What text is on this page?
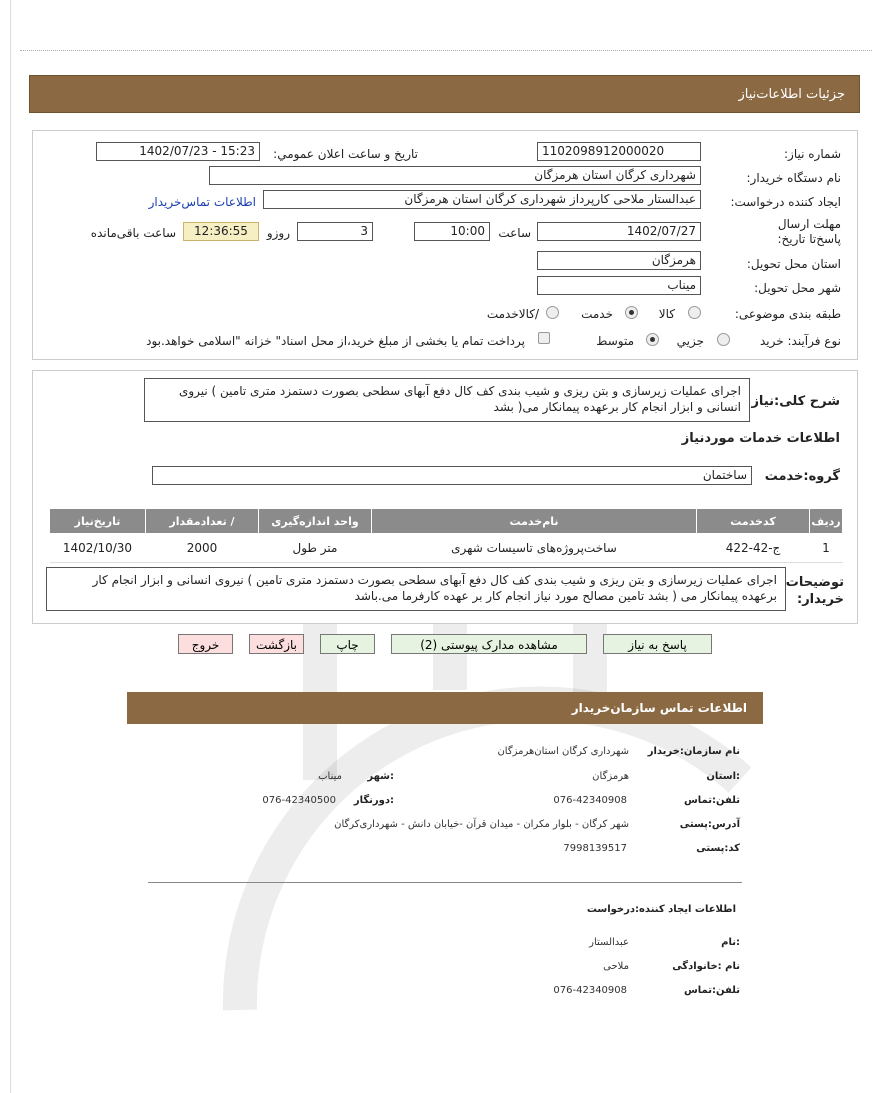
جزئیات اطلاعات‌نیاز
شماره نیاز:
1102098912000020
تاریخ و ساعت اعلان عمومي:
1402/07/23 - 15:23
نام دستگاه خريدار:
شهرداری کرگان استان هرمزگان
ايجاد كننده درخواست:
عبدالستار ملاحی کارپرداز شهرداری کرگان استان هرمزگان
اطلاعات تماس‌خريدار
مهلت ارسال پاسخ‌تا تاریخ:
1402/07/27
ساعت
10:00
3
روزو
12:36:55
ساعت باقی‌مانده
استان محل تحویل:
هرمزگان
شهر محل تحویل:
میناب
طبقه بندی موضوعی:
کالا
خدمت
/کالاخدمت
نوع فرآیند: خرید
جزیي
متوسط
پرداخت تمام يا بخشی از مبلغ خريد،از محل اسناد" خزانه "اسلامی خواهد.بود
شرح کلی:نیاز
اجرای عملیات زیرسازی و بتن ریزی و شیب بندی کف کال دفع آبهای سطحی بصورت دستمزد متری تامین ) نیروی انسانی و ابزار انجام کار برعهده پیمانکار می( بشد
اطلاعات خدمات موردنیاز
گروه:خدمت
ساختمان
ردیف	کدخدمت	نام‌خدمت	واحد اندازه‌گیری	/ تعدادمقدار	تاریخ‌نیاز
1	ج-42-422	ساخت‌پروژه‌های تاسیسات شهری	متر طول	2000	1402/10/30
توضیحات خریدار:
اجرای عملیات زیرسازی و بتن ریزی و شیب بندی کف کال دفع آبهای سطحی بصورت دستمزد متری تامین ) نیروی انسانی و ابزار انجام کار برعهده پیمانکار می ( بشد تامین مصالح مورد نیاز انجام کار بر عهده کارفرما می.باشد
پاسخ به نیاز
مشاهده مدارک پیوستی (2)
چاپ
بازگشت
خروج
اطلاعات تماس سازمان‌خریدار
نام سازمان:خریدار
شهرداری کرگان استان‌هرمزگان
:استان
هرمزگان
:شهر
میناب
تلفن:تماس
076-42340908
:دورنگار
076-42340500
آدرس:پستی
شهر کرگان - بلوار مکران - میدان قرآن -خیابان دانش - شهرداری‌کرگان
کد:پستی
7998139517
اطلاعات ایجاد کننده:درخواست
:نام
عبدالستار
نام :خانوادگی
ملاحی
تلفن:تماس
076-42340908
